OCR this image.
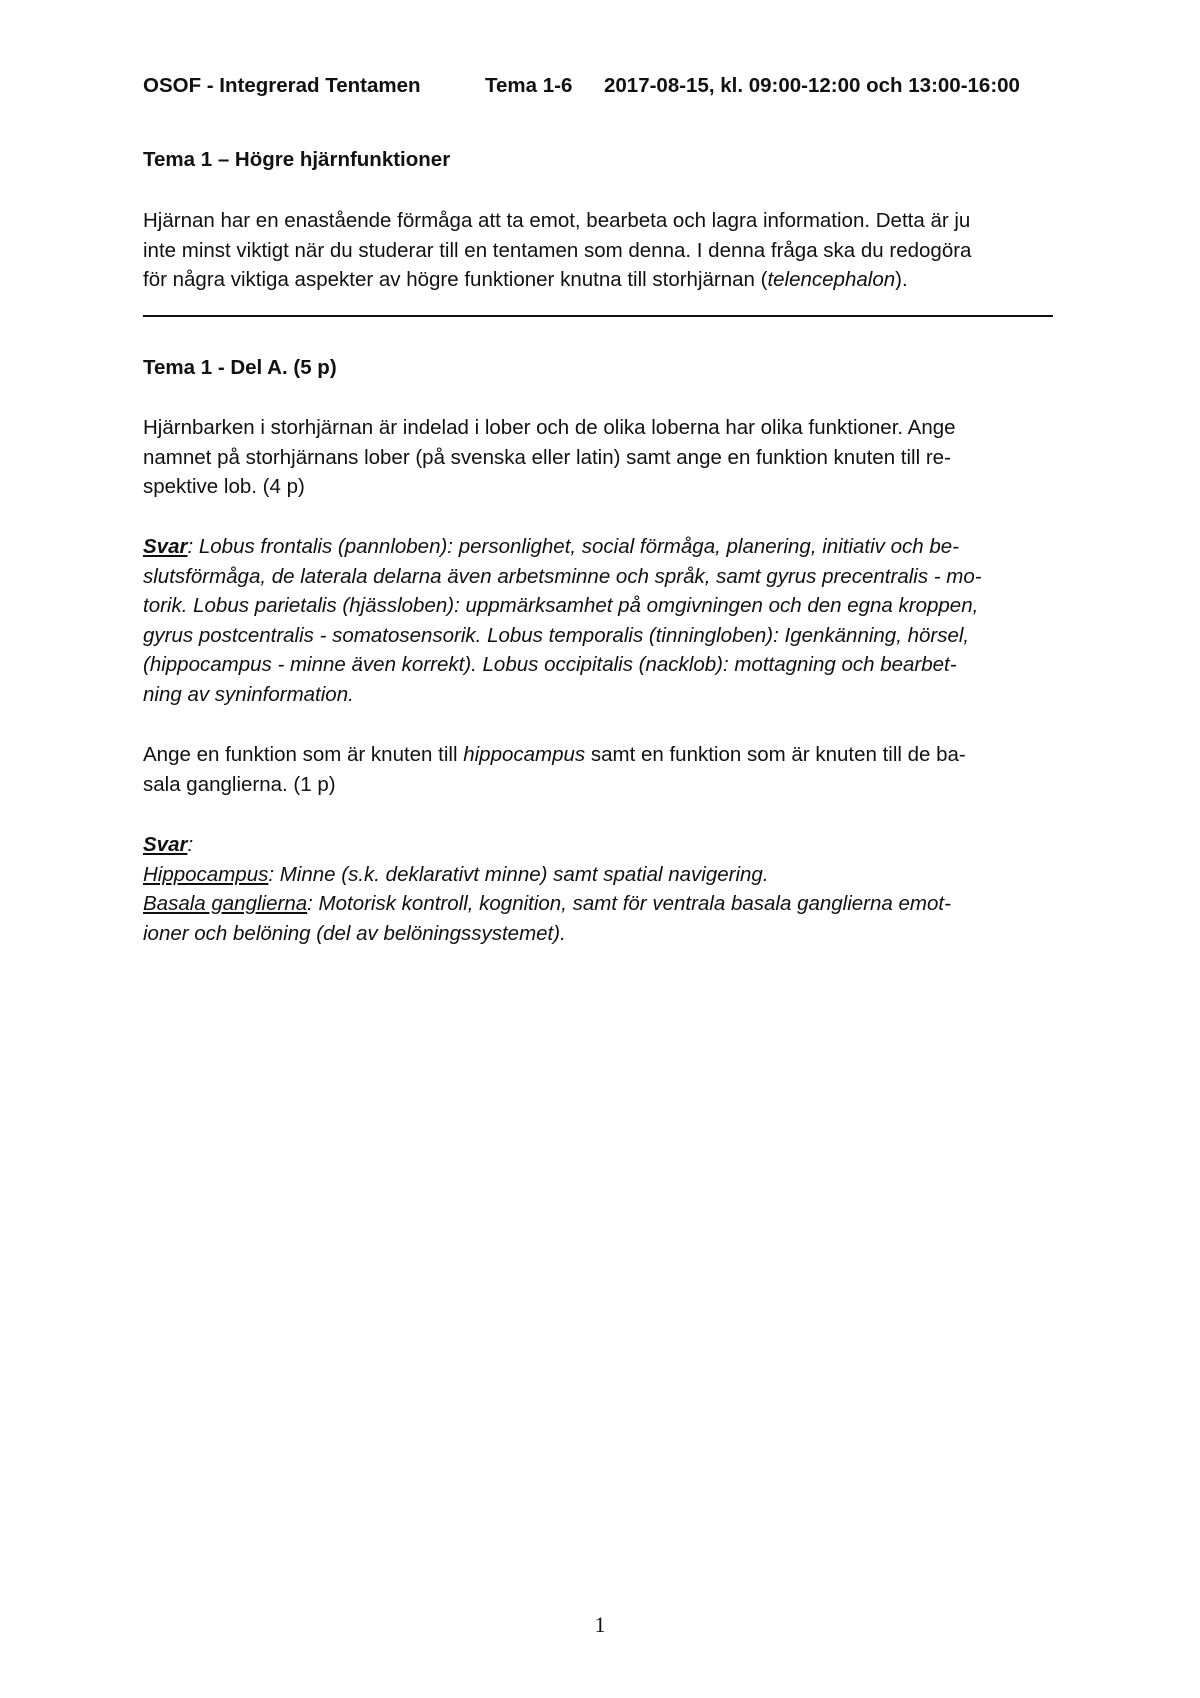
OSOF - Integrerad Tentamen	Tema 1-6 2017-08-15, kl. 09:00-12:00 och 13:00-16:00
Tema 1 – Högre hjärnfunktioner
Hjärnan har en enastående förmåga att ta emot, bearbeta och lagra information. Detta är ju
inte minst viktigt när du studerar till en tentamen som denna. I denna fråga ska du redogöra
för några viktiga aspekter av högre funktioner knutna till storhjärnan (telencephalon).
Tema 1 - Del A. (5 p)
Hjärnbarken i storhjärnan är indelad i lober och de olika loberna har olika funktioner. Ange
namnet på storhjärnans lober (på svenska eller latin) samt ange en funktion knuten till re-
spektive lob. (4 p)
Svar: Lobus frontalis (pannloben): personlighet, social förmåga, planering, initiativ och be-
slutsförmåga, de laterala delarna även arbetsminne och språk, samt gyrus precentralis - mo-
torik. Lobus parietalis (hjässloben): uppmärksamhet på omgivningen och den egna kroppen,
gyrus postcentralis - somatosensorik. Lobus temporalis (tinningloben): Igenkänning, hörsel,
(hippocampus - minne även korrekt). Lobus occipitalis (nacklob): mottagning och bearbet-
ning av syninformation.
Ange en funktion som är knuten till hippocampus samt en funktion som är knuten till de ba-
sala ganglierna. (1 p)
Svar:
Hippocampus: Minne (s.k. deklarativt minne) samt spatial navigering.
Basala ganglierna: Motorisk kontroll, kognition, samt för ventrala basala ganglierna emot-
ioner och belöning (del av belöningssystemet).
1
